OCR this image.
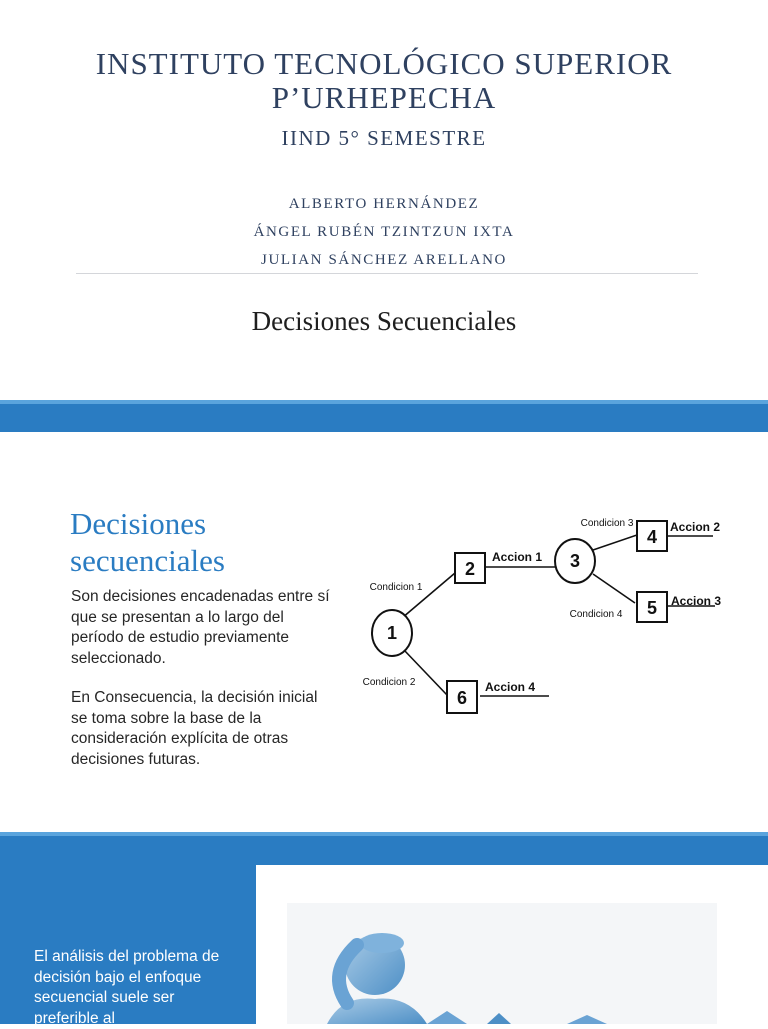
INSTITUTO TECNOLÓGICO SUPERIOR
P’URHEPECHA
IIND 5° SEMESTRE
ALBERTO HERNÁNDEZ
ÁNGEL RUBÉN TZINTZUN IXTA
JULIAN SÁNCHEZ ARELLANO
Decisiones Secuenciales
Decisiones
secuenciales
Son decisiones encadenadas entre sí que se presentan a lo largo del período de estudio previamente seleccionado.
En Consecuencia, la decisión inicial se toma sobre la base de la consideración explícita de otras decisiones futuras.
1
2	3
4
5
6
Condicion 1
Condicion 2
Condicion 3
Condicion 4
Accion 1
Accion 2
Accion 3
Accion 4
El análisis del problema de decisión bajo el enfoque secuencial suele ser preferible al
